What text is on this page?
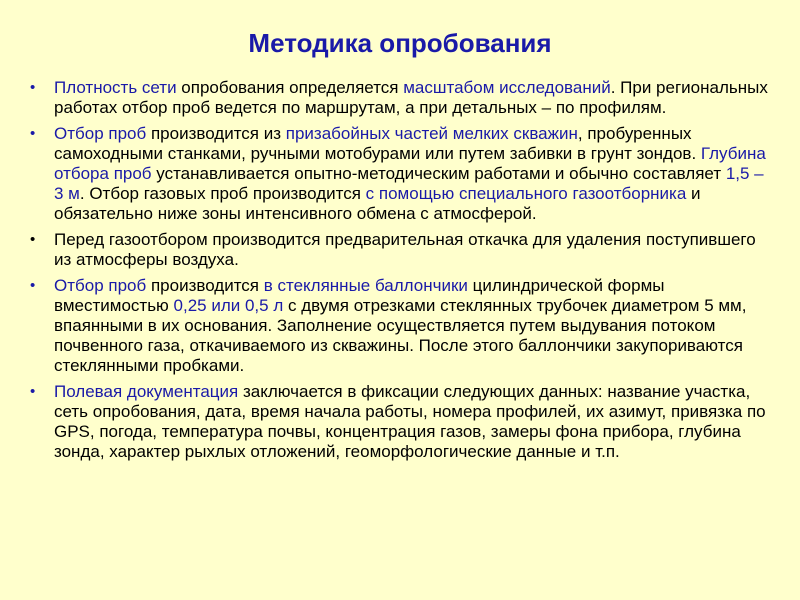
Методика опробования
• Плотность сети опробования определяется масштабом исследований. При региональных работах отбор проб ведется по маршрутам, а при детальных – по профилям.
• Отбор проб производится из призабойных частей мелких скважин, пробуренных самоходными станками, ручными мотобурами или путем забивки в грунт зондов. Глубина отбора проб устанавливается опытно-методическим работами и обычно составляет 1,5 – 3 м. Отбор газовых проб производится с помощью специального газоотборника и обязательно ниже зоны интенсивного обмена с атмосферой.
• Перед газоотбором производится предварительная откачка для удаления поступившего из атмосферы воздуха.
• Отбор проб производится в стеклянные баллончики цилиндрической формы вместимостью 0,25 или 0,5 л с двумя отрезками стеклянных трубочек диаметром 5 мм, впаянными в их основания. Заполнение осуществляется путем выдувания потоком почвенного газа, откачиваемого из скважины. После этого баллончики закупориваются стеклянными пробками.
• Полевая документация заключается в фиксации следующих данных: название участка, сеть опробования, дата, время начала работы, номера профилей, их азимут, привязка по GPS, погода, температура почвы, концентрация газов, замеры фона прибора, глубина зонда, характер рыхлых отложений, геоморфологические данные и т.п.
